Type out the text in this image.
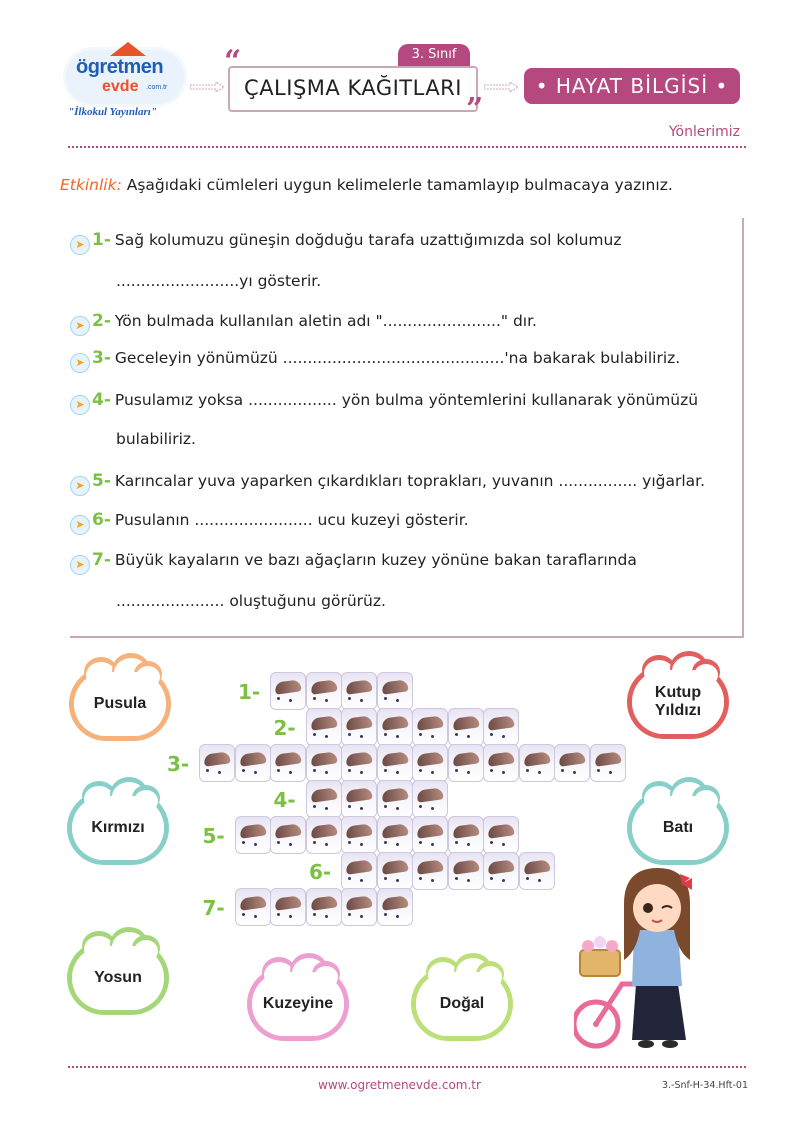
ögretmen
evde .com.tr
"İlkokul Yayınları"
“	3. Sınıf
ÇALIŞMA KAĞITLARI
”
• HAYAT BİLGİSİ •
Yönlerimiz
Etkinlik: Aşağıdaki cümleleri uygun kelimelerle tamamlayıp bulmacaya yazınız.
➤ 1- Sağ kolumuzu güneşin doğduğu tarafa uzattığımızda sol kolumuz
.........................yı gösterir.
➤ 2- Yön bulmada kullanılan aletin adı "........................" dır.
➤ 3- Geceleyin yönümüzü .............................................'na bakarak bulabiliriz.
➤ 4- Pusulamız yoksa .................. yön bulma yöntemlerini kullanarak yönümüzü
bulabiliriz.
➤ 5- Karıncalar yuva yaparken çıkardıkları toprakları, yuvanın ................ yığarlar.
➤ 6- Pusulanın ........................ ucu kuzeyi gösterir.
➤ 7- Büyük kayaların ve bazı ağaçların kuzey yönüne bakan taraflarında
...................... oluştuğunu görürüz.
Pusula
Kutup Yıldızı
Kırmızı	Batı
Yosun
Kuzeyine	Doğal
1-
2-
3-
4-
5-
6-
7-
www.ogretmenevde.com.tr	3.-Snf-H-34.Hft-01
